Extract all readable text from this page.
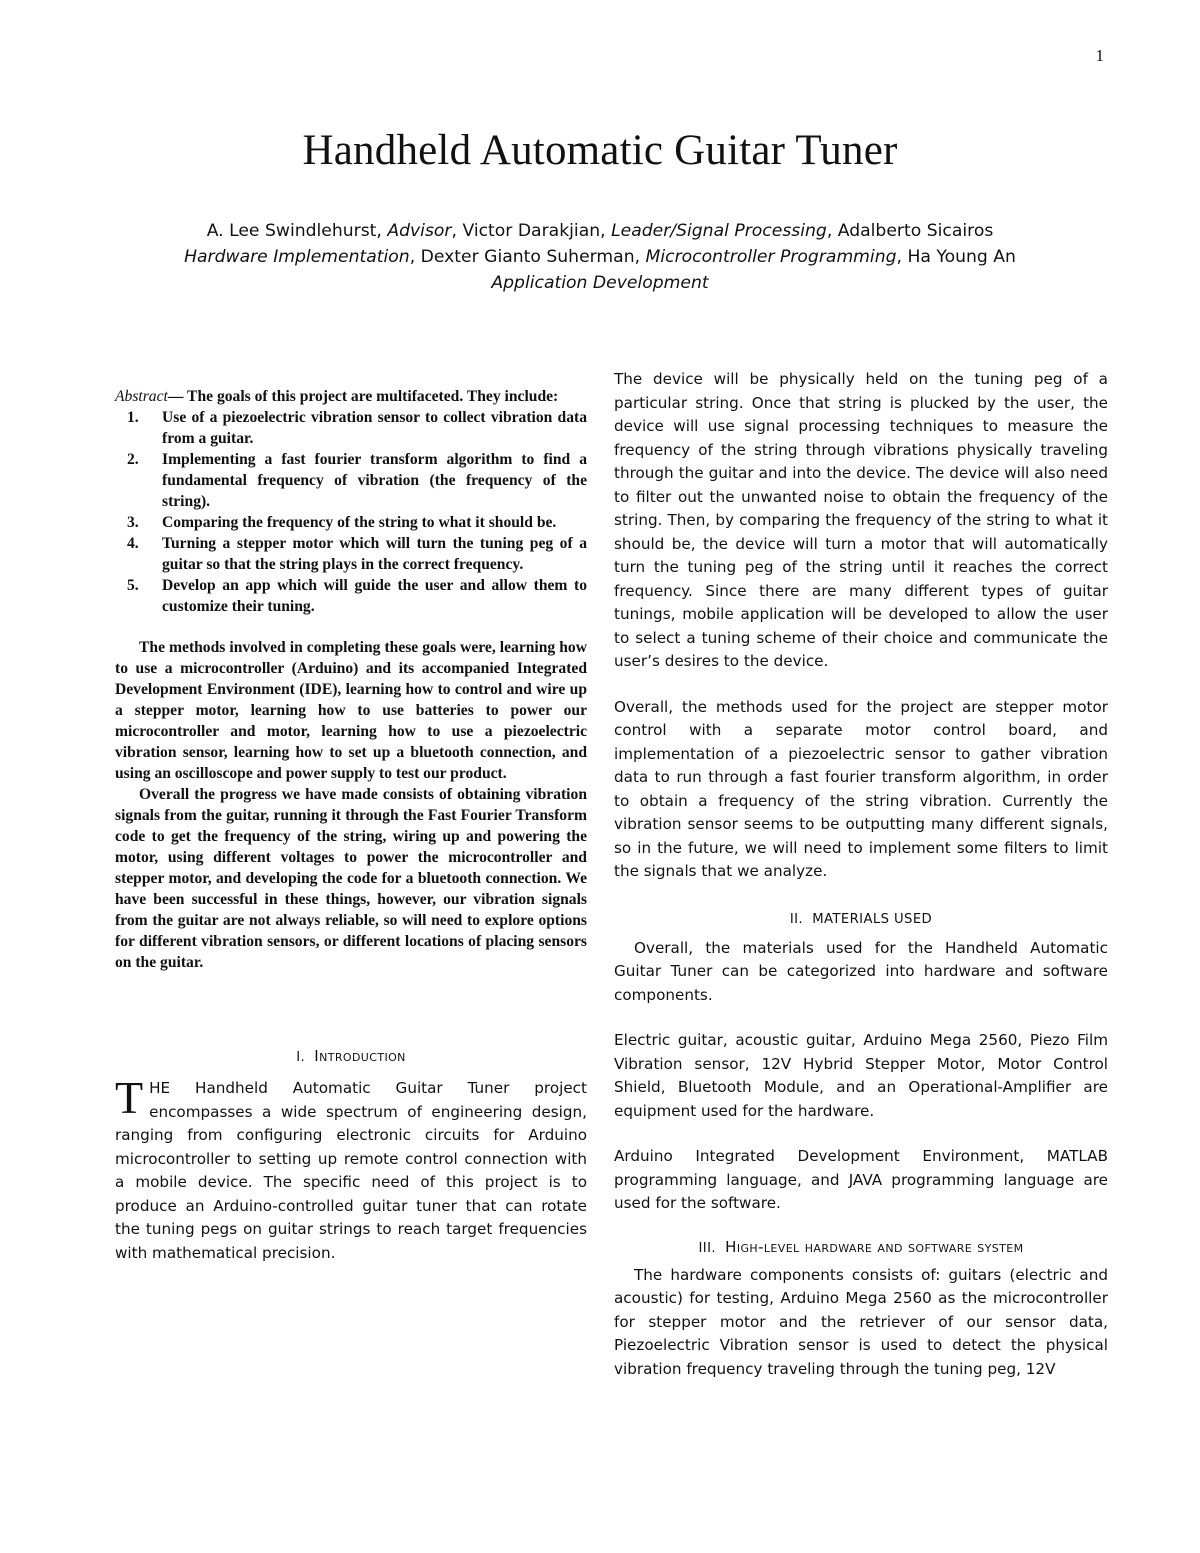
1
Handheld Automatic Guitar Tuner
A. Lee Swindlehurst, Advisor, Victor Darakjian, Leader/Signal Processing, Adalberto Sicairos
Hardware Implementation, Dexter Gianto Suherman, Microcontroller Programming, Ha Young An
Application Development

Abstract— The goals of this project are multifaceted. They include:

1.	Use of a piezoelectric vibration sensor to collect vibration data from a guitar.
2.	Implementing a fast fourier transform algorithm to find a fundamental frequency of vibration (the frequency of the string).
3.	Comparing the frequency of the string to what it should be.
4.	Turning a stepper motor which will turn the tuning peg of a guitar so that the string plays in the correct frequency.
5.	Develop an app which will guide the user and allow them to customize their tuning.

The methods involved in completing these goals were, learning how to use a microcontroller (Arduino) and its accompanied Integrated Development Environment (IDE), learning how to control and wire up a stepper motor, learning how to use batteries to power our microcontroller and motor, learning how to use a piezoelectric vibration sensor, learning how to set up a bluetooth connection, and using an oscilloscope and power supply to test our product.

Overall the progress we have made consists of obtaining vibration signals from the guitar, running it through the Fast Fourier Transform code to get the frequency of the string, wiring up and powering the motor, using different voltages to power the microcontroller and stepper motor, and developing the code for a bluetooth connection. We have been successful in these things, however, our vibration signals from the guitar are not always reliable, so will need to explore options for different vibration sensors, or different locations of placing sensors on the guitar.

I. Introduction

THE Handheld Automatic Guitar Tuner project encompasses a wide spectrum of engineering design, ranging from configuring electronic circuits for Arduino microcontroller to setting up remote control connection with a mobile device. The specific need of this project is to produce an Arduino-controlled guitar tuner that can rotate the tuning pegs on guitar strings to reach target frequencies with mathematical precision.

The device will be physically held on the tuning peg of a particular string. Once that string is plucked by the user, the device will use signal processing techniques to measure the frequency of the string through vibrations physically traveling through the guitar and into the device. The device will also need to filter out the unwanted noise to obtain the frequency of the string. Then, by comparing the frequency of the string to what it should be, the device will turn a motor that will automatically turn the tuning peg of the string until it reaches the correct frequency. Since there are many different types of guitar tunings, mobile application will be developed to allow the user to select a tuning scheme of their choice and communicate the user’s desires to the device.

Overall, the methods used for the project are stepper motor control with a separate motor control board, and implementation of a piezoelectric sensor to gather vibration data to run through a fast fourier transform algorithm, in order to obtain a frequency of the string vibration. Currently the vibration sensor seems to be outputting many different signals, so in the future, we will need to implement some filters to limit the signals that we analyze.

II. MATERIALS USED

Overall, the materials used for the Handheld Automatic Guitar Tuner can be categorized into hardware and software components.

Electric guitar, acoustic guitar, Arduino Mega 2560, Piezo Film Vibration sensor, 12V Hybrid Stepper Motor, Motor Control Shield, Bluetooth Module, and an Operational-Amplifier are equipment used for the hardware.

Arduino Integrated Development Environment, MATLAB programming language, and JAVA programming language are used for the software.

III. High-level hardware and software system

The hardware components consists of: guitars (electric and acoustic) for testing, Arduino Mega 2560 as the microcontroller for stepper motor and the retriever of our sensor data, Piezoelectric Vibration sensor is used to detect the physical vibration frequency traveling through the tuning peg, 12V
